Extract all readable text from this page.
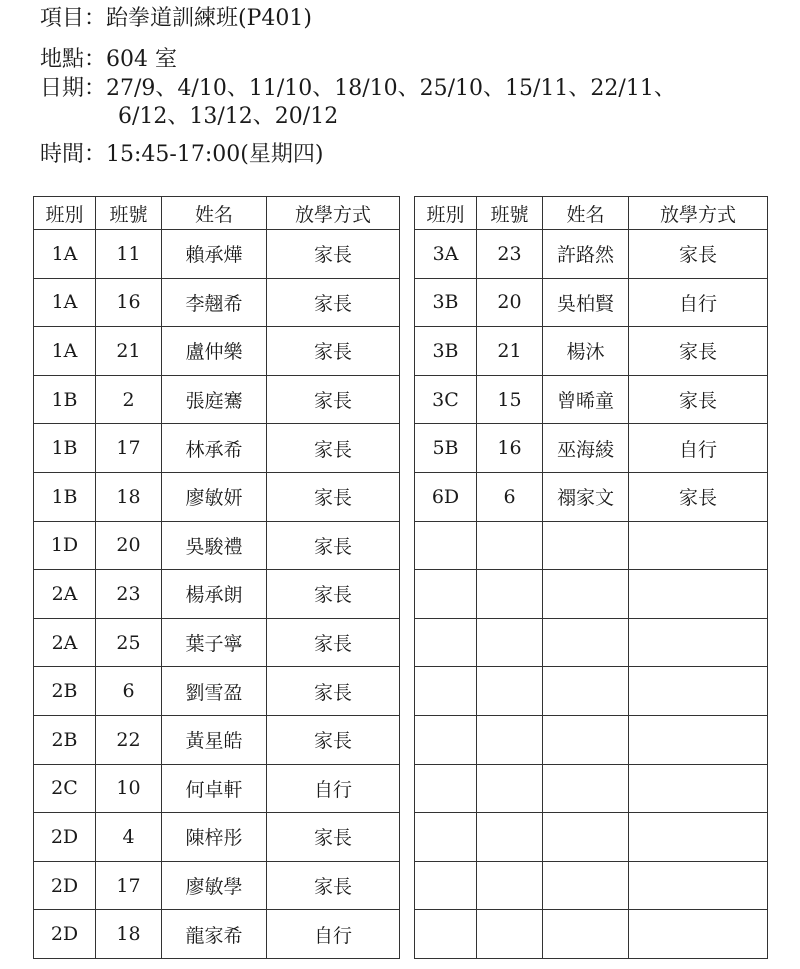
項目：跆拳道訓練班(P401)
地點：604 室
日期：27/9、4/10、11/10、18/10、25/10、15/11、22/11、
6/12、13/12、20/12
時間：15:45-17:00(星期四)
班別	班號	姓名	放學方式
1A	11	賴承燁	家長
1A	16	李翹希	家長
1A	21	盧仲樂	家長
1B	2	張庭騫	家長
1B	17	林承希	家長
1B	18	廖敏妍	家長
1D	20	吳駿禮	家長
2A	23	楊承朗	家長
2A	25	葉子寧	家長
2B	6	劉雪盈	家長
2B	22	黃星皓	家長
2C	10	何卓軒	自行
2D	4	陳梓彤	家長
2D	17	廖敏學	家長
2D	18	龍家希	自行
班別	班號	姓名	放學方式
3A	23	許路然	家長
3B	20	吳柏賢	自行
3B	21	楊沐	家長
3C	15	曾晞童	家長
5B	16	巫海綾	自行
6D	6	禤家文	家長
